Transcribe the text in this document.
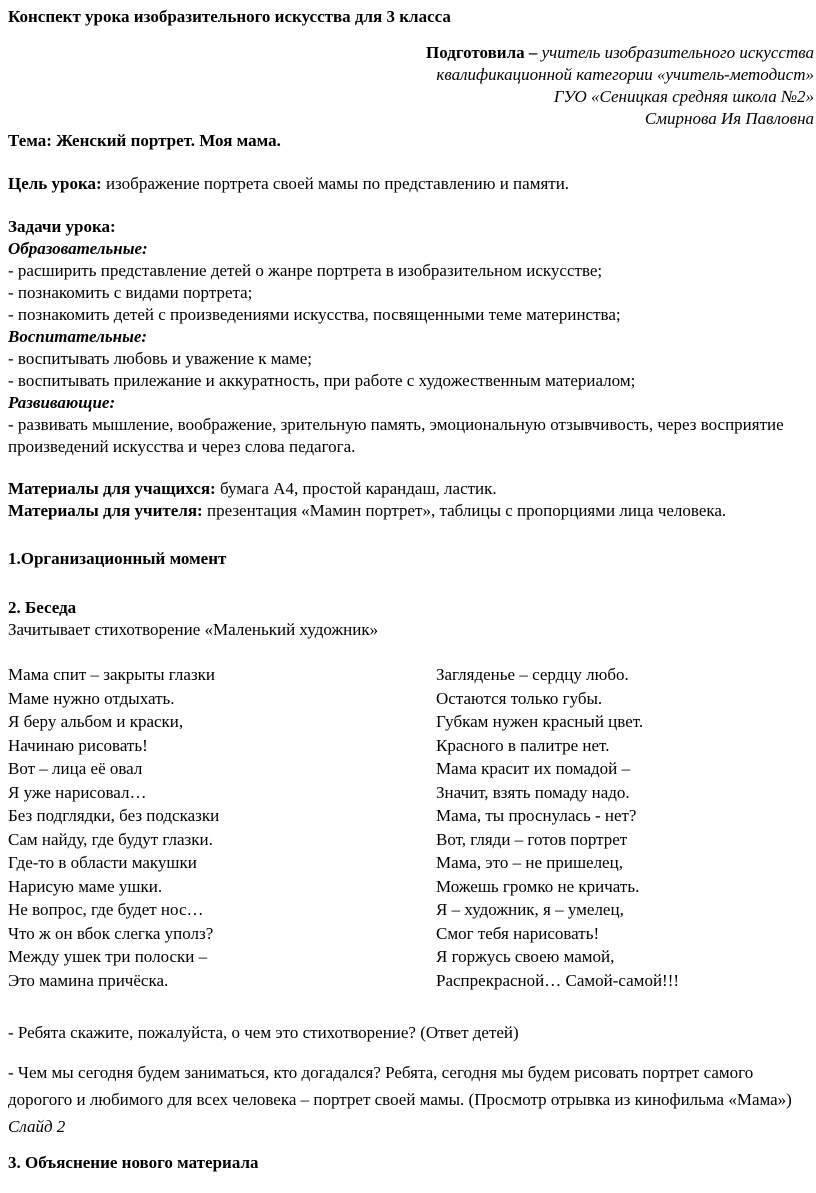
Конспект урока изобразительного искусства для 3 класса
Подготовила – учитель изобразительного искусства
квалификационной категории «учитель-методист»
ГУО «Сеницкая средняя школа №2»
Смирнова Ия Павловна
Тема: Женский портрет. Моя мама.
Цель урока: изображение портрета своей мамы по представлению и памяти.
Задачи урока:
Образовательные:
- расширить представление детей о жанре портрета в изобразительном искусстве;
- познакомить с видами портрета;
- познакомить детей с произведениями искусства, посвященными теме материнства;
Воспитательные:
- воспитывать любовь и уважение к маме;
- воспитывать прилежание и аккуратность, при работе с художественным материалом;
Развивающие:
- развивать мышление, воображение, зрительную память, эмоциональную отзывчивость, через восприятие произведений искусства и через слова педагога.
Материалы для учащихся: бумага А4, простой карандаш, ластик.
Материалы для учителя: презентация «Мамин портрет», таблицы с пропорциями лица человека.
1.Организационный момент
2. Беседа
Зачитывает стихотворение «Маленький художник»
Мама спит – закрыты глазки
Маме нужно отдыхать.
Я беру альбом и краски,
Начинаю рисовать!
Вот – лица её овал
Я уже нарисовал…
Без подглядки, без подсказки
Сам найду, где будут глазки.
Где-то в области макушки
Нарисую маме ушки.
Не вопрос, где будет нос…
Что ж он вбок слегка уполз?
Между ушек три полоски –
Это мамина причёска.
Загляденье – сердцу любо.
Остаются только губы.
Губкам нужен красный цвет.
Красного в палитре нет.
Мама красит их помадой –
Значит, взять помаду надо.
Мама, ты проснулась - нет?
Вот, гляди – готов портрет
Мама, это – не пришелец,
Можешь громко не кричать.
Я – художник, я – умелец,
Смог тебя нарисовать!
Я горжусь своею мамой,
Распрекрасной… Самой-самой!!!
- Ребята скажите, пожалуйста, о чем это стихотворение? (Ответ детей)
- Чем мы сегодня будем заниматься, кто догадался? Ребята, сегодня мы будем рисовать портрет самого дорогого и любимого для всех человека – портрет своей мамы. (Просмотр отрывка из кинофильма «Мама») Слайд 2
3. Объяснение нового материала
